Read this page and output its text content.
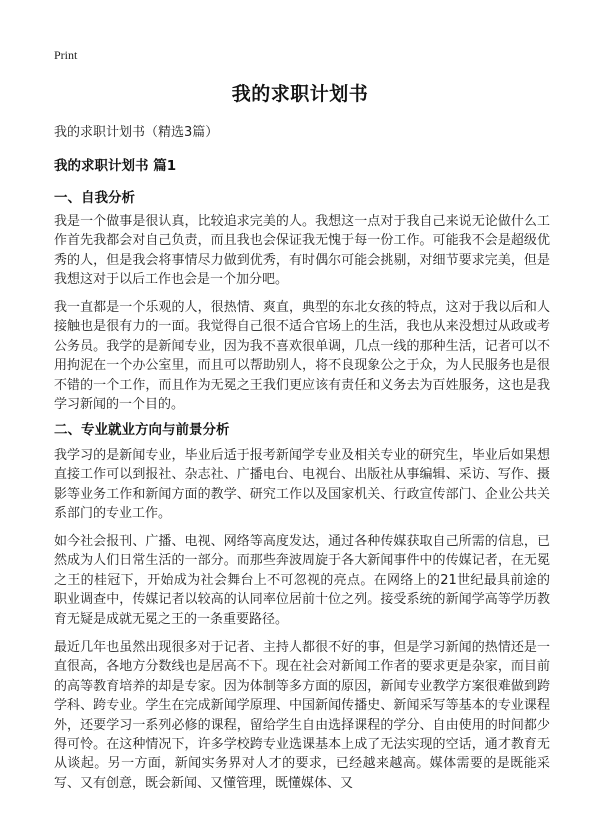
Print
我的求职计划书
我的求职计划书（精选3篇）
我的求职计划书 篇1
一、自我分析
我是一个做事是很认真，比较追求完美的人。我想这一点对于我自己来说无论做什么工作首先我都会对自己负责，而且我也会保证我无愧于每一份工作。可能我不会是超级优秀的人，但是我会将事情尽力做到优秀，有时偶尔可能会挑剔，对细节要求完美，但是我想这对于以后工作也会是一个加分吧。
我一直都是一个乐观的人，很热情、爽直，典型的东北女孩的特点，这对于我以后和人接触也是很有力的一面。我觉得自己很不适合官场上的生活，我也从来没想过从政或考公务员。我学的是新闻专业，因为我不喜欢很单调，几点一线的那种生活，记者可以不用拘泥在一个办公室里，而且可以帮助别人，将不良现象公之于众，为人民服务也是很不错的一个工作，而且作为无冕之王我们更应该有责任和义务去为百姓服务，这也是我学习新闻的一个目的。
二、专业就业方向与前景分析
我学习的是新闻专业，毕业后适于报考新闻学专业及相关专业的研究生，毕业后如果想直接工作可以到报社、杂志社、广播电台、电视台、出版社从事编辑、采访、写作、摄影等业务工作和新闻方面的教学、研究工作以及国家机关、行政宣传部门、企业公共关系部门的专业工作。
如今社会报刊、广播、电视、网络等高度发达，通过各种传媒获取自己所需的信息，已然成为人们日常生活的一部分。而那些奔波周旋于各大新闻事件中的传媒记者，在无冕之王的桂冠下，开始成为社会舞台上不可忽视的亮点。在网络上的21世纪最具前途的职业调查中，传媒记者以较高的认同率位居前十位之列。接受系统的新闻学高等学历教育无疑是成就无冕之王的一条重要路径。
最近几年也虽然出现很多对于记者、主持人都很不好的事，但是学习新闻的热情还是一直很高，各地方分数线也是居高不下。现在社会对新闻工作者的要求更是杂家，而目前的高等教育培养的却是专家。因为体制等多方面的原因，新闻专业教学方案很难做到跨学科、跨专业。学生在完成新闻学原理、中国新闻传播史、新闻采写等基本的专业课程外，还要学习一系列必修的课程，留给学生自由选择课程的学分、自由使用的时间都少得可怜。在这种情况下，许多学校跨专业选课基本上成了无法实现的空话，通才教育无从谈起。另一方面，新闻实务界对人才的要求，已经越来越高。媒体需要的是既能采写、又有创意，既会新闻、又懂管理，既懂媒体、又
